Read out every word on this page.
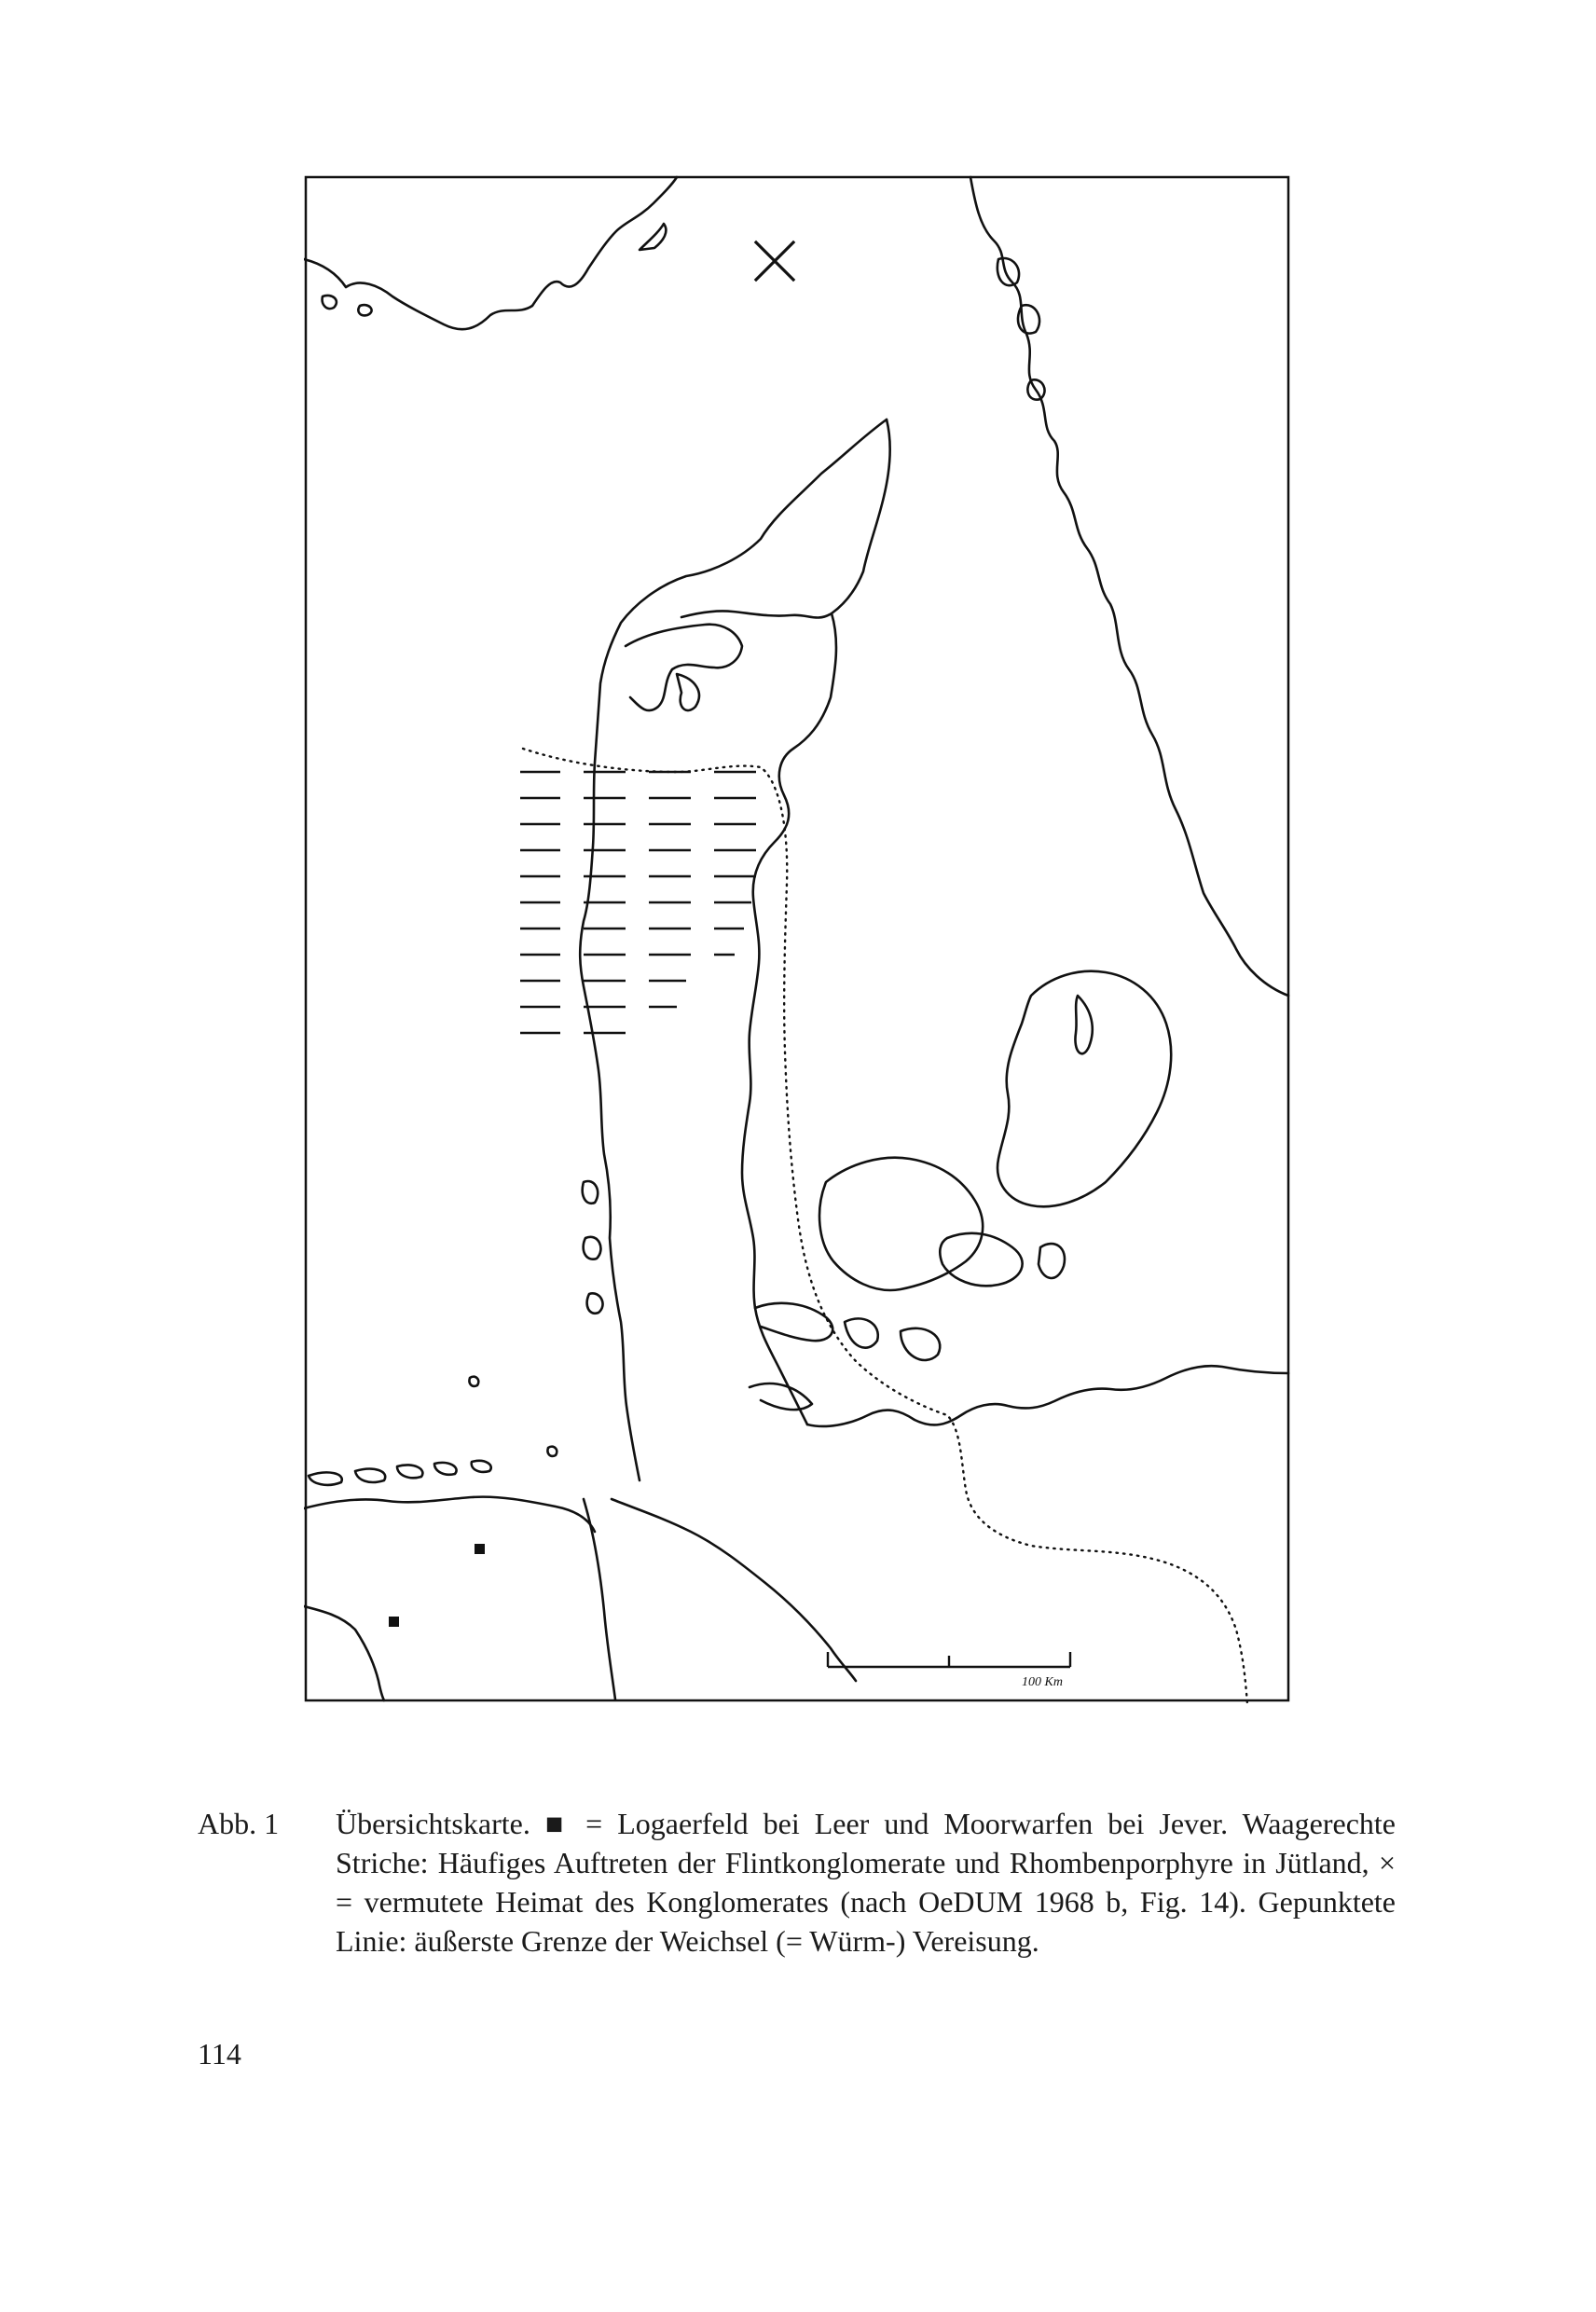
100 Km
Abb. 1 Übersichtskarte. ■ = Logaerfeld bei Leer und Moorwarfen bei Jever. Waagerechte Striche: Häufiges Auftreten der Flintkonglomerate und Rhombenporphyre in Jütland, × = vermutete Heimat des Konglomerates (nach OeDUM 1968 b, Fig. 14). Gepunktete Linie: äußerste Grenze der Weichsel (= Würm-) Vereisung.
114
